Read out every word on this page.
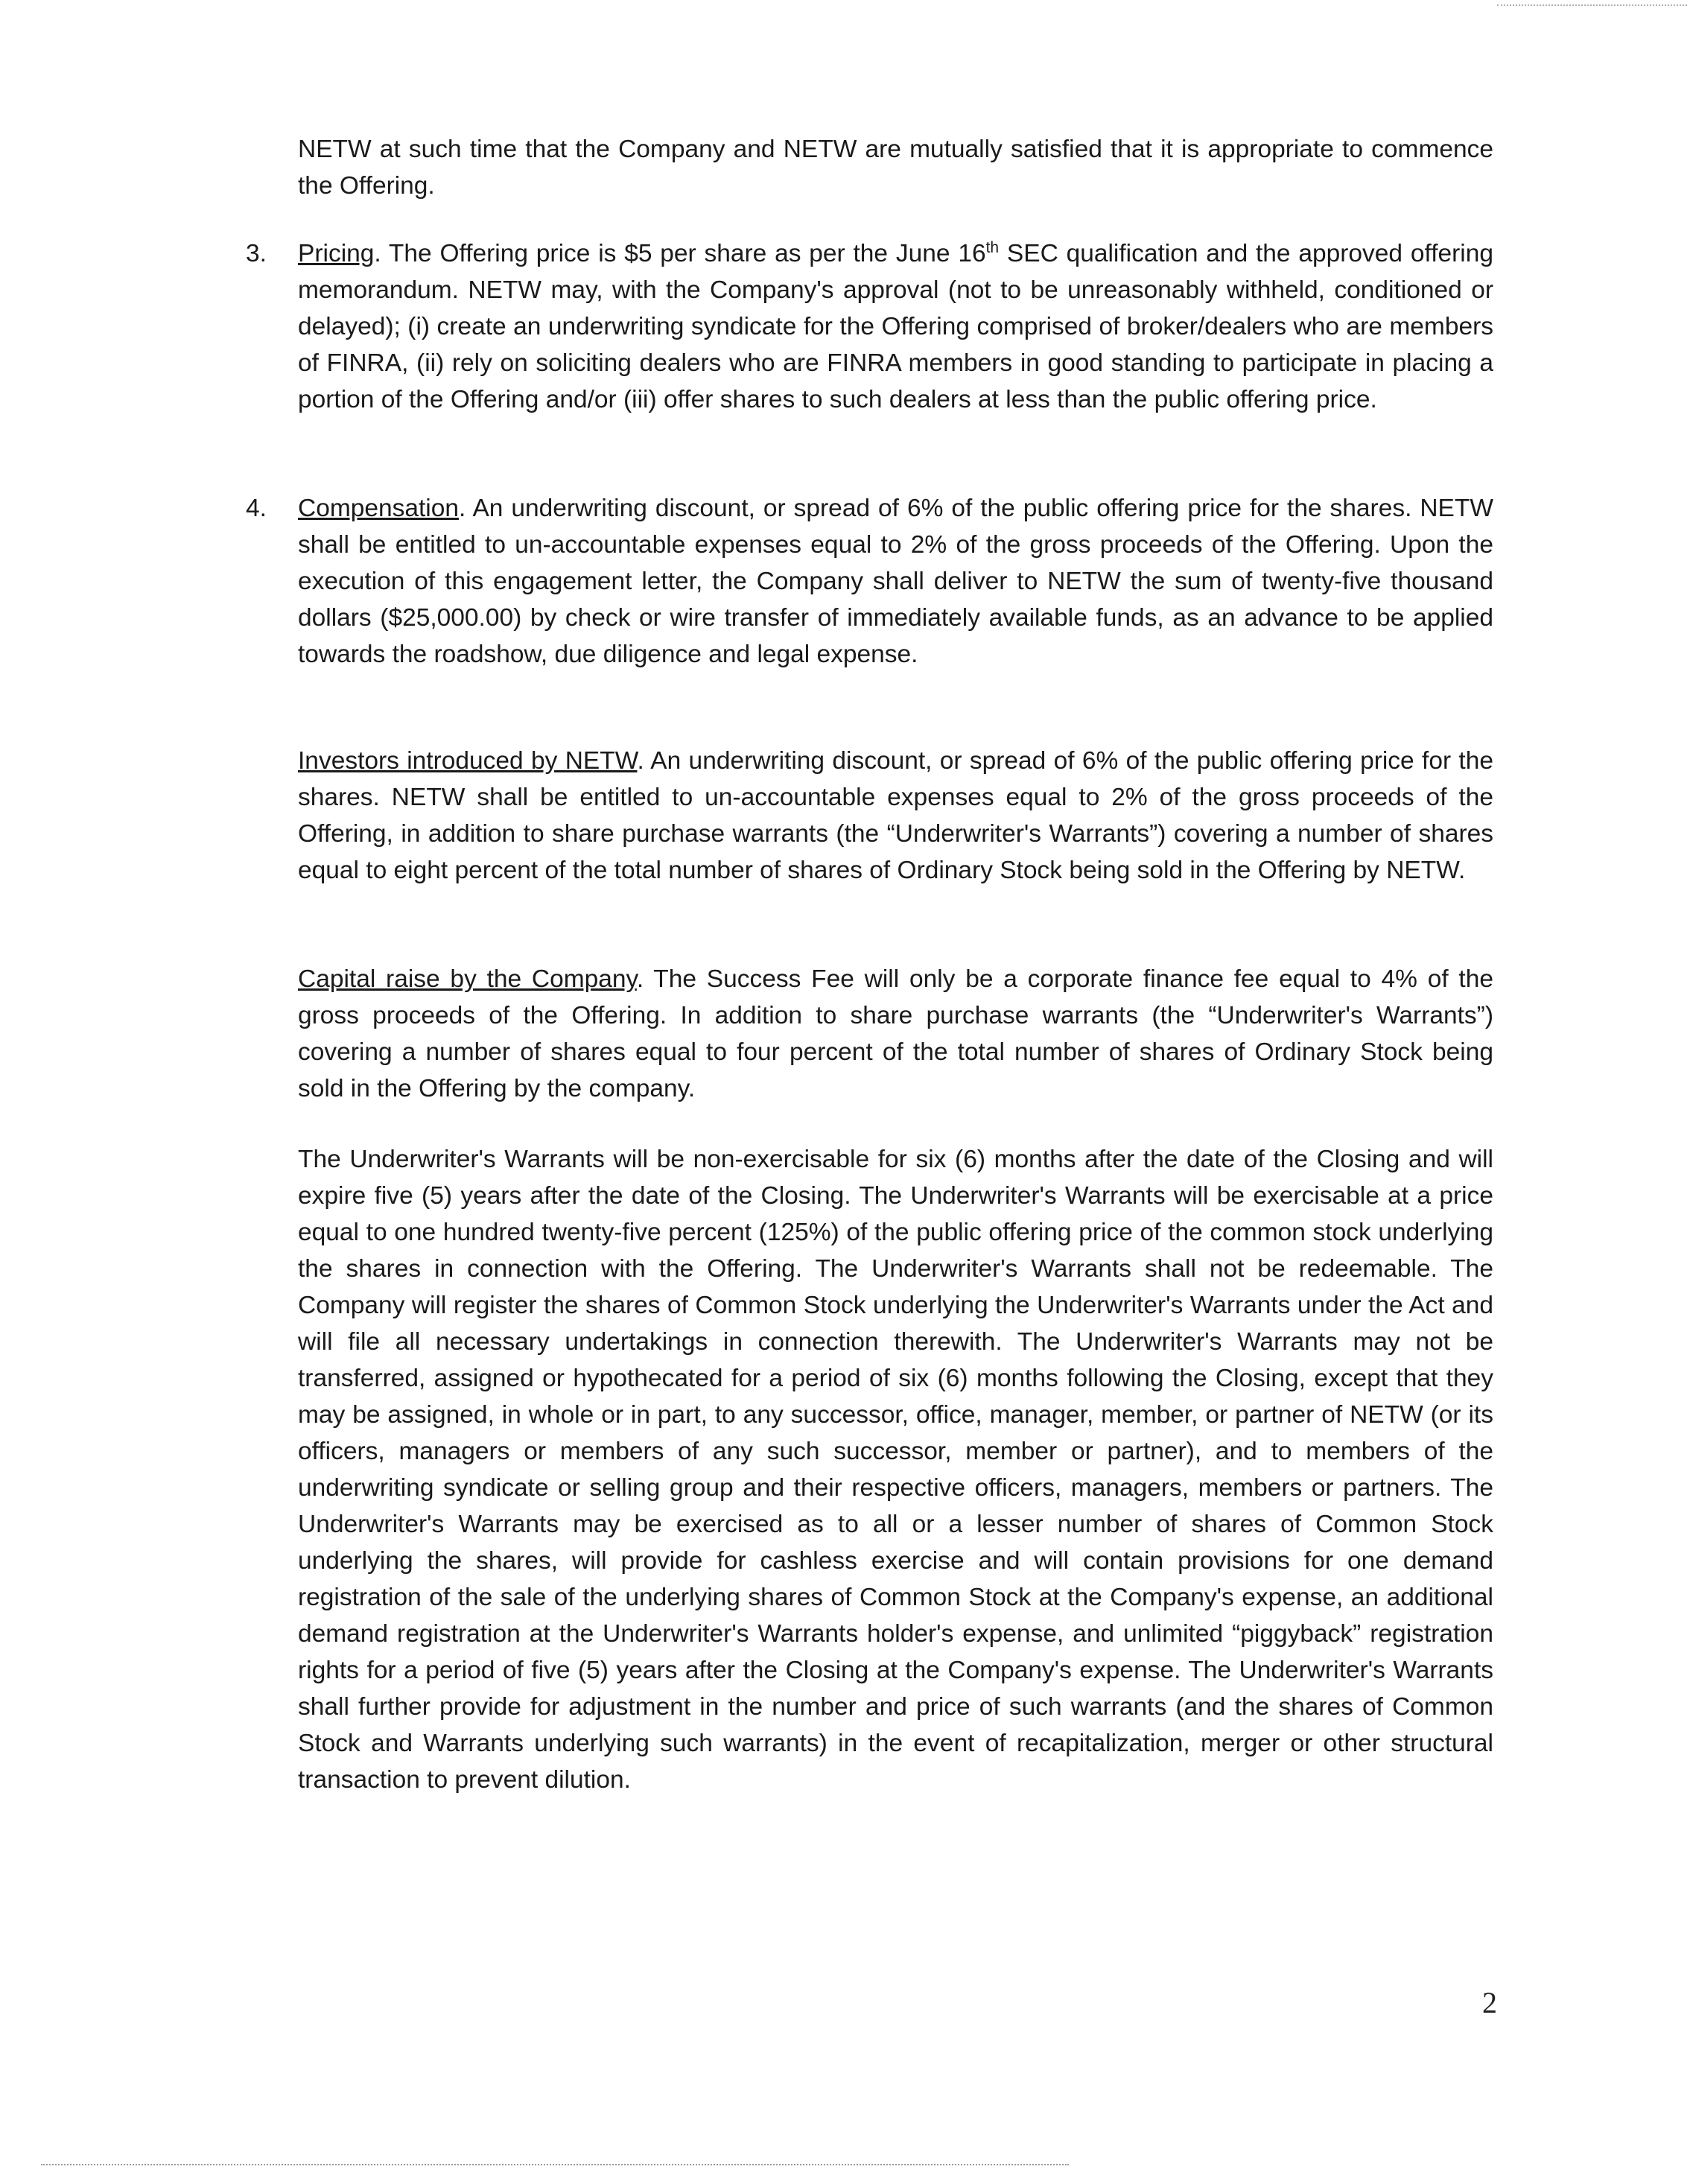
NETW at such time that the Company and NETW are mutually satisfied that it is appropriate to commence the Offering.

3.	Pricing. The Offering price is $5 per share as per the June 16th SEC qualification and the approved offering memorandum. NETW may, with the Company's approval (not to be unreasonably withheld, conditioned or delayed); (i) create an underwriting syndicate for the Offering comprised of broker/dealers who are members of FINRA, (ii) rely on soliciting dealers who are FINRA members in good standing to participate in placing a portion of the Offering and/or (iii) offer shares to such dealers at less than the public offering price.

4.	Compensation. An underwriting discount, or spread of 6% of the public offering price for the shares. NETW shall be entitled to un-accountable expenses equal to 2% of the gross proceeds of the Offering. Upon the execution of this engagement letter, the Company shall deliver to NETW the sum of twenty-five thousand dollars ($25,000.00) by check or wire transfer of immediately available funds, as an advance to be applied towards the roadshow, due diligence and legal expense.

Investors introduced by NETW. An underwriting discount, or spread of 6% of the public offering price for the shares. NETW shall be entitled to un-accountable expenses equal to 2% of the gross proceeds of the Offering, in addition to share purchase warrants (the “Underwriter's Warrants”) covering a number of shares equal to eight percent of the total number of shares of Ordinary Stock being sold in the Offering by NETW.

Capital raise by the Company. The Success Fee will only be a corporate finance fee equal to 4% of the gross proceeds of the Offering. In addition to share purchase warrants (the “Underwriter's Warrants”) covering a number of shares equal to four percent of the total number of shares of Ordinary Stock being sold in the Offering by the company.

The Underwriter's Warrants will be non-exercisable for six (6) months after the date of the Closing and will expire five (5) years after the date of the Closing. The Underwriter's Warrants will be exercisable at a price equal to one hundred twenty-five percent (125%) of the public offering price of the common stock underlying the shares in connection with the Offering. The Underwriter's Warrants shall not be redeemable. The Company will register the shares of Common Stock underlying the Underwriter's Warrants under the Act and will file all necessary undertakings in connection therewith. The Underwriter's Warrants may not be transferred, assigned or hypothecated for a period of six (6) months following the Closing, except that they may be assigned, in whole or in part, to any successor, office, manager, member, or partner of NETW (or its officers, managers or members of any such successor, member or partner), and to members of the underwriting syndicate or selling group and their respective officers, managers, members or partners. The Underwriter's Warrants may be exercised as to all or a lesser number of shares of Common Stock underlying the shares, will provide for cashless exercise and will contain provisions for one demand registration of the sale of the underlying shares of Common Stock at the Company's expense, an additional demand registration at the Underwriter's Warrants holder's expense, and unlimited “piggyback” registration rights for a period of five (5) years after the Closing at the Company's expense. The Underwriter's Warrants shall further provide for adjustment in the number and price of such warrants (and the shares of Common Stock and Warrants underlying such warrants) in the event of recapitalization, merger or other structural transaction to prevent dilution.

2
